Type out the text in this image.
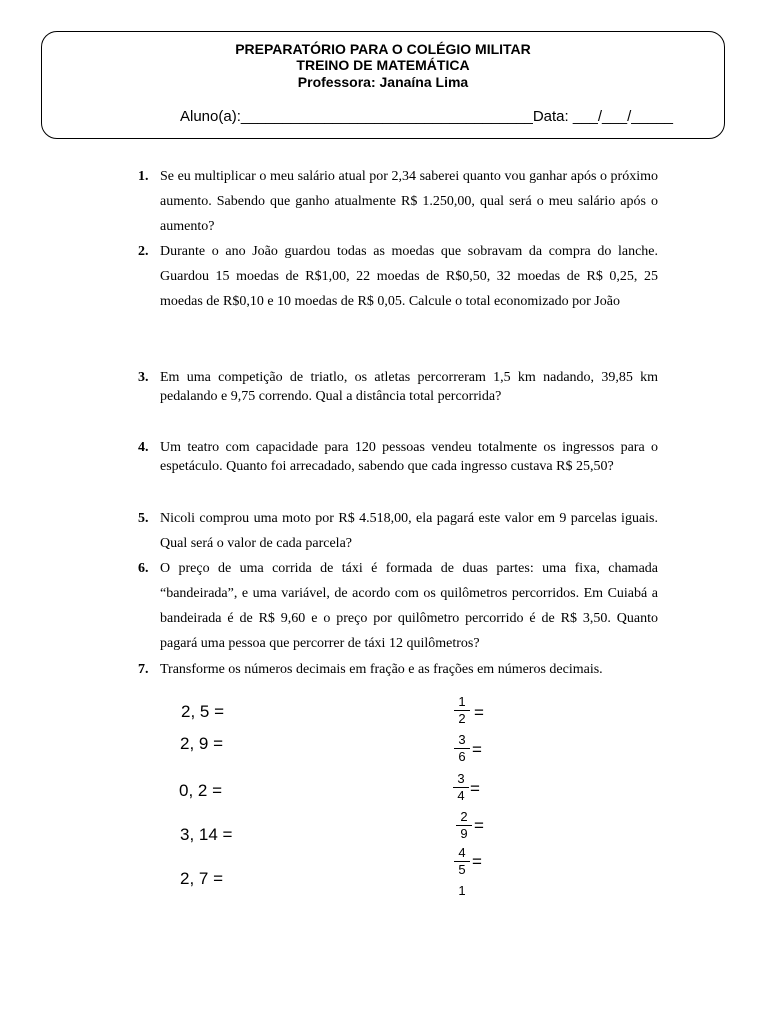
PREPARATÓRIO PARA O COLÉGIO MILITAR
TREINO DE MATEMÁTICA
Professora: Janaína Lima
Aluno(a):___________________________________Data: ___/___/_____
1. Se eu multiplicar o meu salário atual por 2,34 saberei quanto vou ganhar após o próximo aumento. Sabendo que ganho atualmente R$ 1.250,00, qual será o meu salário após o aumento?
2. Durante o ano João guardou todas as moedas que sobravam da compra do lanche. Guardou 15 moedas de R$1,00, 22 moedas de R$0,50, 32 moedas de R$ 0,25, 25 moedas de R$0,10 e 10 moedas de R$ 0,05. Calcule o total economizado por João
3. Em uma competição de triatlo, os atletas percorreram 1,5 km nadando, 39,85 km pedalando e 9,75 correndo. Qual a distância total percorrida?
4. Um teatro com capacidade para 120 pessoas vendeu totalmente os ingressos para o espetáculo. Quanto foi arrecadado, sabendo que cada ingresso custava R$ 25,50?
5. Nicoli comprou uma moto por R$ 4.518,00, ela pagará este valor em 9 parcelas iguais. Qual será o valor de cada parcela?
6. O preço de uma corrida de táxi é formada de duas partes: uma fixa, chamada “bandeirada”, e uma variável, de acordo com os quilômetros percorridos. Em Cuiabá a bandeirada é de R$ 9,60 e o preço por quilômetro percorrido é de R$ 3,50. Quanto pagará uma pessoa que percorrer de táxi 12 quilômetros?
7. Transforme os números decimais em fração e as frações em números decimais.
2, 5 =
2, 9 =
0, 2 =
3, 14 =
2, 7 =
1
2 =
3
6 =
3
4 =
2
9 =
4
5 =
1
